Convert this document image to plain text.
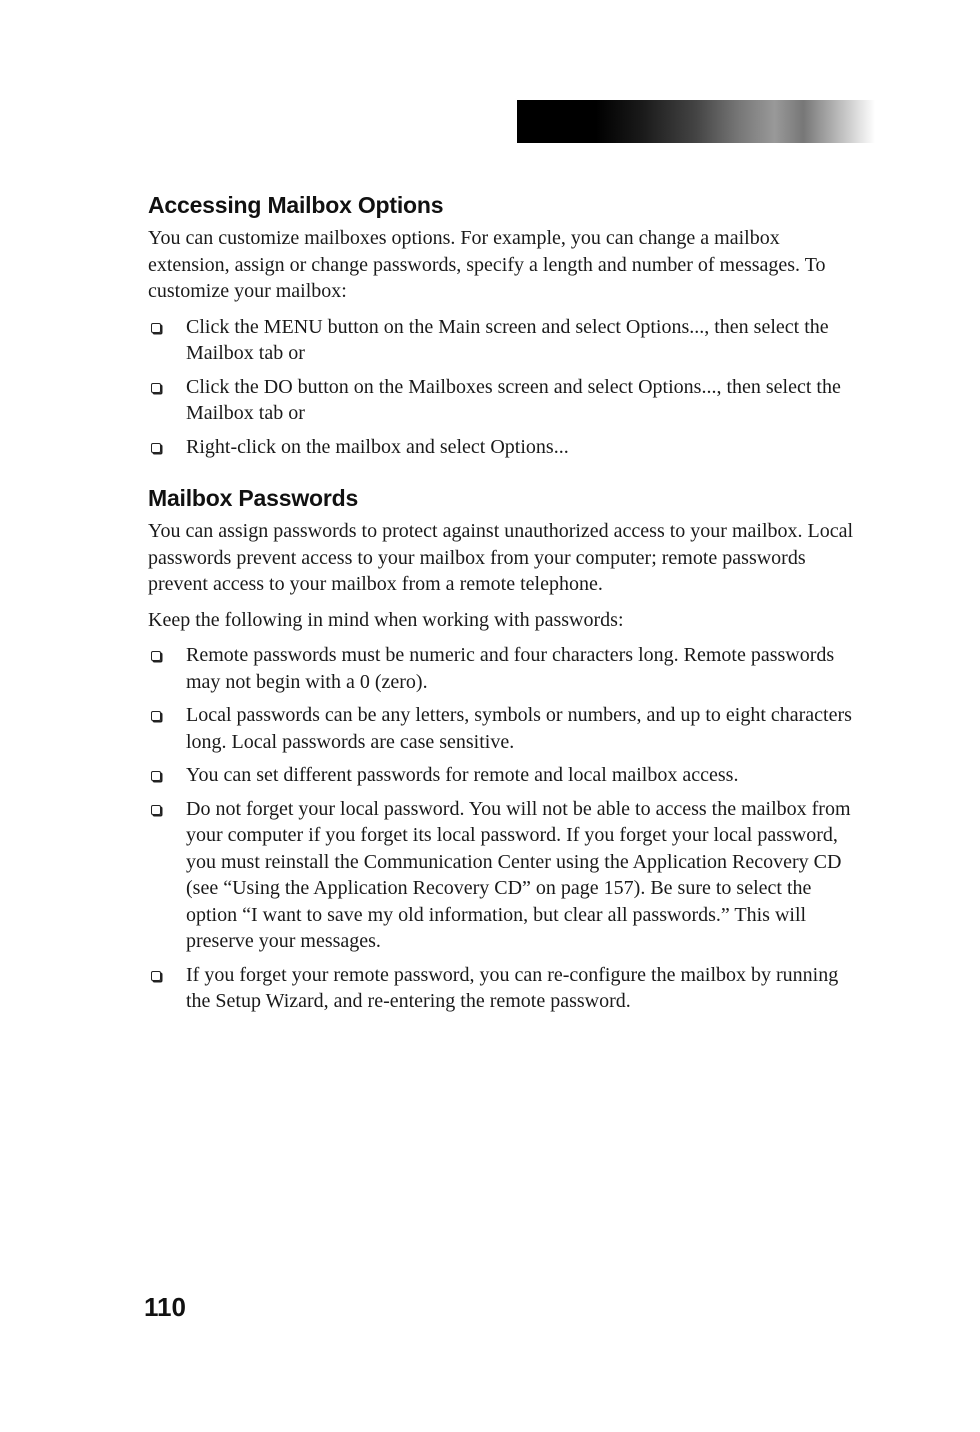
Accessing Mailbox Options

You can customize mailboxes options. For example, you can change a mailbox extension, assign or change passwords, specify a length and number of messages. To customize your mailbox:

Click the MENU button on the Main screen and select Options..., then select the Mailbox tab or
Click the DO button on the Mailboxes screen and select Options..., then select the Mailbox tab or
Right-click on the mailbox and select Options...
Mailbox Passwords

You can assign passwords to protect against unauthorized access to your mailbox. Local passwords prevent access to your mailbox from your computer; remote passwords prevent access to your mailbox from a remote telephone.

Keep the following in mind when working with passwords:

Remote passwords must be numeric and four characters long. Remote passwords may not begin with a 0 (zero).
Local passwords can be any letters, symbols or numbers, and up to eight characters long. Local passwords are case sensitive.
You can set different passwords for remote and local mailbox access.
Do not forget your local password. You will not be able to access the mailbox from your computer if you forget its local password. If you forget your local password, you must reinstall the Communication Center using the Application Recovery CD (see “Using the Application Recovery CD” on page 157). Be sure to select the option “I want to save my old information, but clear all passwords.” This will preserve your messages.
If you forget your remote password, you can re-configure the mailbox by running the Setup Wizard, and re-entering the remote password.
110
